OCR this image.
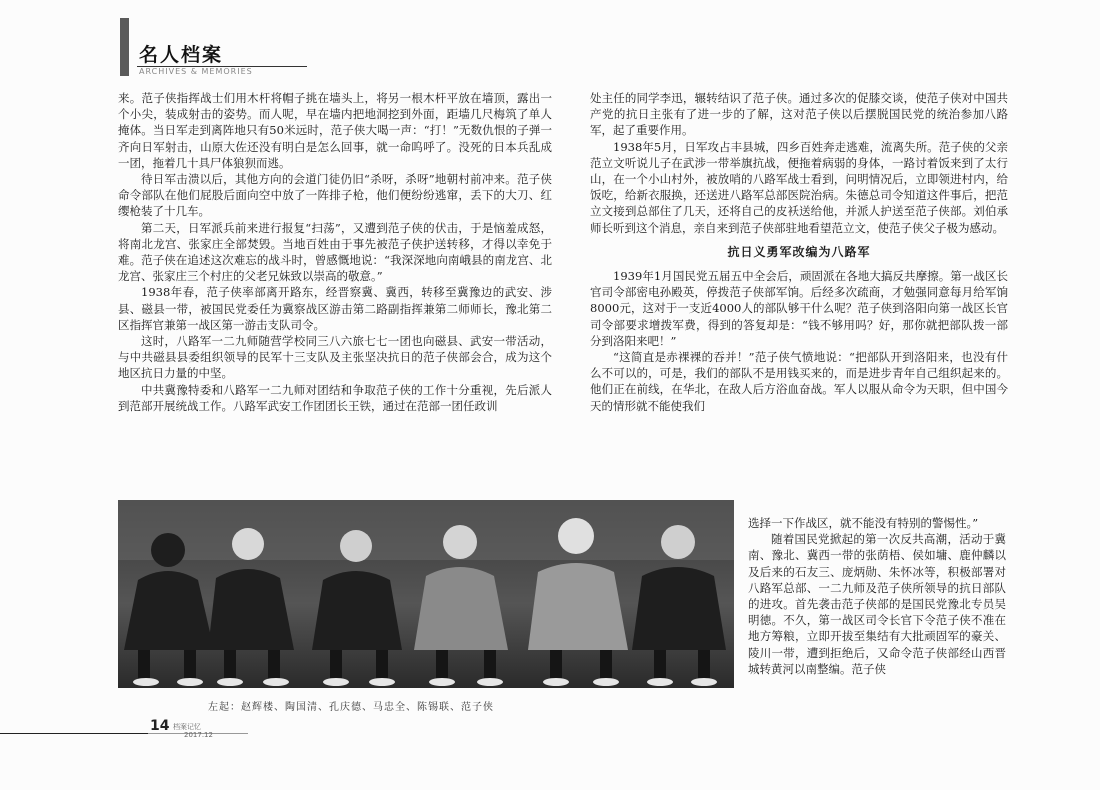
名人档案
ARCHIVES & MEMORIES

来。范子侠指挥战士们用木杆将帽子挑在墙头上，将另一根木杆平放在墙顶，露出一个小尖，装成射击的姿势。而人呢，早在墙内把地洞挖到外面，距墙几尺梅筑了单人掩体。当日军走到离阵地只有50米远时，范子侠大喝一声：“打！”无数仇恨的子弹一齐向日军射击，山原大佐还没有明白是怎么回事，就一命呜呼了。没死的日本兵乱成一团，拖着几十具尸体狼狈而逃。

待日军击溃以后，其他方向的会道门徒仍旧“杀呀，杀呀”地朝村前冲来。范子侠命令部队在他们屁股后面向空中放了一阵排子枪，他们便纷纷逃窜，丢下的大刀、红缨枪装了十几车。

第二天，日军派兵前来进行报复“扫荡”，又遭到范子侠的伏击，于是恼羞成怒，将南北龙宫、张家庄全部焚毁。当地百姓由于事先被范子侠护送转移，才得以幸免于难。范子侠在追述这次难忘的战斗时，曾感慨地说：“我深深地向南峨县的南龙宫、北龙宫、张家庄三个村庄的父老兄妹致以崇高的敬意。”

1938年春，范子侠率部离开路东，经晋察冀、冀西，转移至冀豫边的武安、涉县、磁县一带，被国民党委任为冀察战区游击第二路副指挥兼第二师师长，豫北第二区指挥官兼第一战区第一游击支队司令。

这时，八路军一二九师随营学校同三八六旅七七一团也向磁县、武安一带活动，与中共磁县县委组织领导的民军十三支队及主张坚决抗日的范子侠部会合，成为这个地区抗日力量的中坚。

中共冀豫特委和八路军一二九师对团结和争取范子侠的工作十分重视，先后派人到范部开展统战工作。八路军武安工作团团长王铁，通过在范部一团任政训

处主任的同学李迅，辗转结识了范子侠。通过多次的促膝交谈，使范子侠对中国共产党的抗日主张有了进一步的了解，这对范子侠以后摆脱国民党的统治参加八路军，起了重要作用。

1938年5月，日军攻占丰县城，四乡百姓奔走逃难，流离失所。范子侠的父亲范立文听说儿子在武涉一带举旗抗战，便拖着病弱的身体，一路讨着饭来到了太行山，在一个小山村外，被放哨的八路军战士看到，问明情况后，立即领进村内，给饭吃，给新衣服换，还送进八路军总部医院治病。朱德总司令知道这件事后，把范立文接到总部住了几天，还将自己的皮袄送给他，并派人护送至范子侠部。刘伯承师长听到这个消息，亲自来到范子侠部驻地看望范立文，使范子侠父子极为感动。

抗日义勇军改编为八路军

1939年1月国民党五届五中全会后，顽固派在各地大搞反共摩擦。第一战区长官司令部密电孙殿英，停拨范子侠部军饷。后经多次疏商，才勉强同意每月给军饷8000元，这对于一支近4000人的部队够干什么呢？范子侠到洛阳向第一战区长官司令部要求增拨军费，得到的答复却是：“钱不够用吗？好，那你就把部队拨一部分到洛阳来吧！”

“这简直是赤裸裸的吞并！”范子侠气愤地说：“把部队开到洛阳来，也没有什么不可以的，可是，我们的部队不是用钱买来的，而是进步青年自己组织起来的。他们正在前线，在华北，在敌人后方浴血奋战。军人以服从命令为天职，但中国今天的情形就不能使我们

选择一下作战区，就不能没有特别的警惕性。”

随着国民党掀起的第一次反共高潮，活动于冀南、豫北、冀西一带的张荫梧、侯如墉、鹿仲麟以及后来的石友三、庞炳勋、朱怀冰等，积极部署对八路军总部、一二九师及范子侠所领导的抗日部队的进攻。首先袭击范子侠部的是国民党豫北专员吴明徳。不久，第一战区司令长官下令范子侠不准在地方筹粮，立即开拔至集结有大批顽固军的豪关、陵川一带，遭到拒绝后，又命令范子侠部经山西晋城转黄河以南整编。范子侠

左起：赵辉楼、陶国清、孔庆德、马忠全、陈锡联、范子侠
14 档案记忆
2017.12
